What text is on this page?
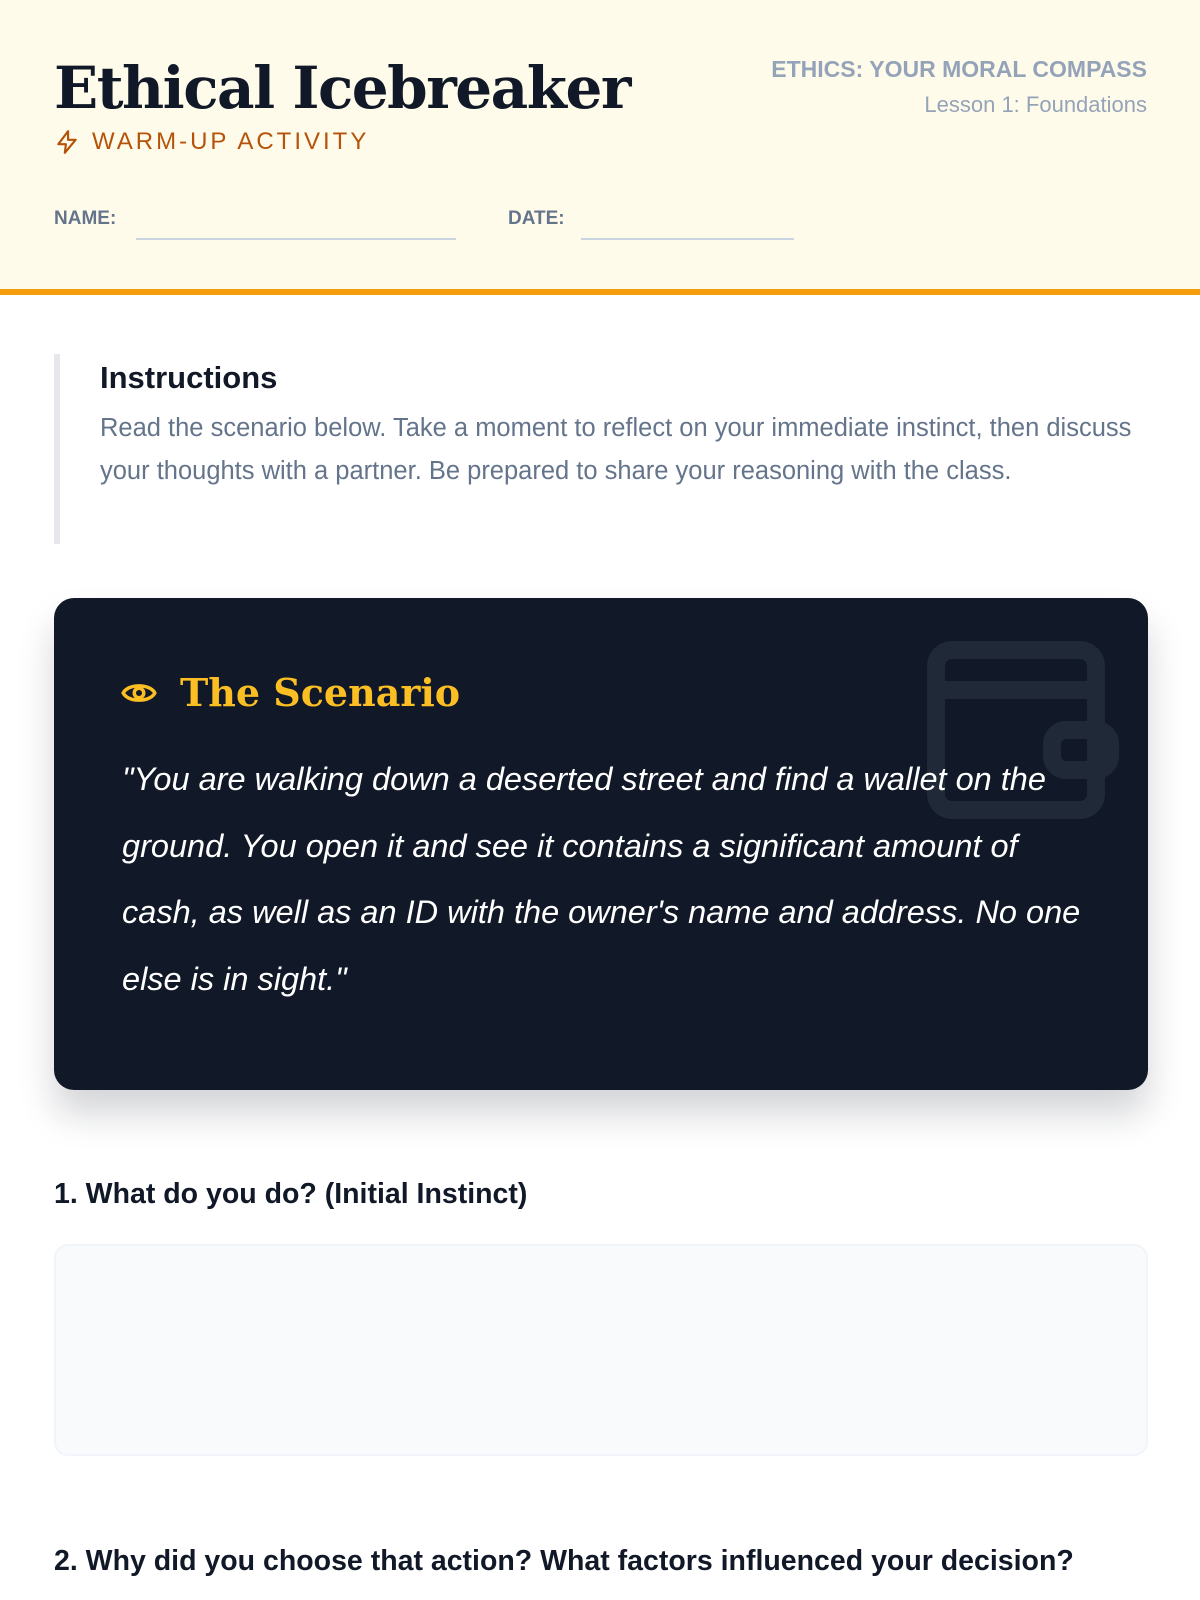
Ethical Icebreaker
WARM-UP ACTIVITY
ETHICS: YOUR MORAL COMPASS
Lesson 1: Foundations
NAME:	DATE:
Instructions

Read the scenario below. Take a moment to reflect on your immediate instinct, then discuss your thoughts with a partner. Be prepared to share your reasoning with the class.

The Scenario
"You are walking down a deserted street and find a wallet on the ground. You open it and see it contains a significant amount of cash, as well as an ID with the owner's name and address. No one else is in sight."
1. What do you do? (Initial Instinct)
2. Why did you choose that action? What factors influenced your decision?
